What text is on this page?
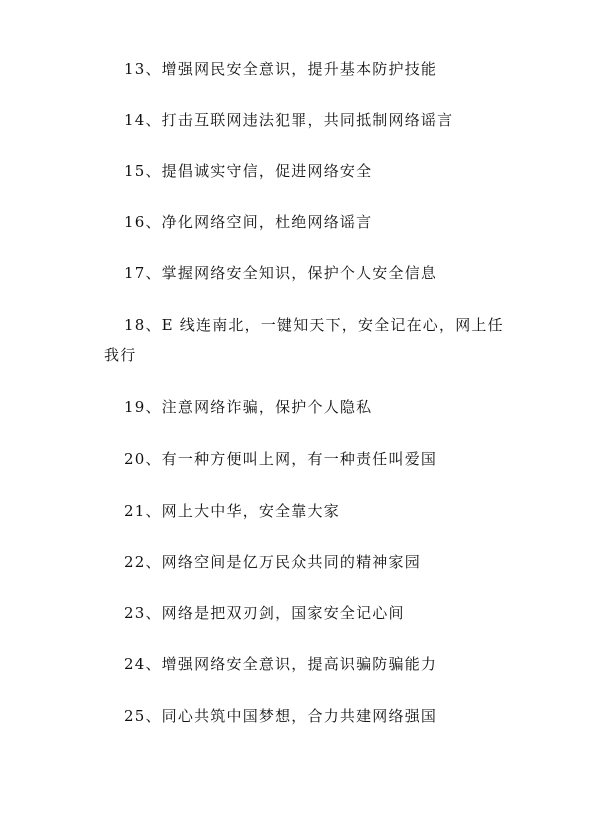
13、增强网民安全意识，提升基本防护技能
14、打击互联网违法犯罪，共同抵制网络谣言
15、提倡诚实守信，促进网络安全
16、净化网络空间，杜绝网络谣言
17、掌握网络安全知识，保护个人安全信息
18、E 线连南北，一键知天下，安全记在心，网上任
我行
19、注意网络诈骗，保护个人隐私
20、有一种方便叫上网，有一种责任叫爱国
21、网上大中华，安全靠大家
22、网络空间是亿万民众共同的精神家园
23、网络是把双刃剑，国家安全记心间
24、增强网络安全意识，提高识骗防骗能力
25、同心共筑中国梦想，合力共建网络强国
